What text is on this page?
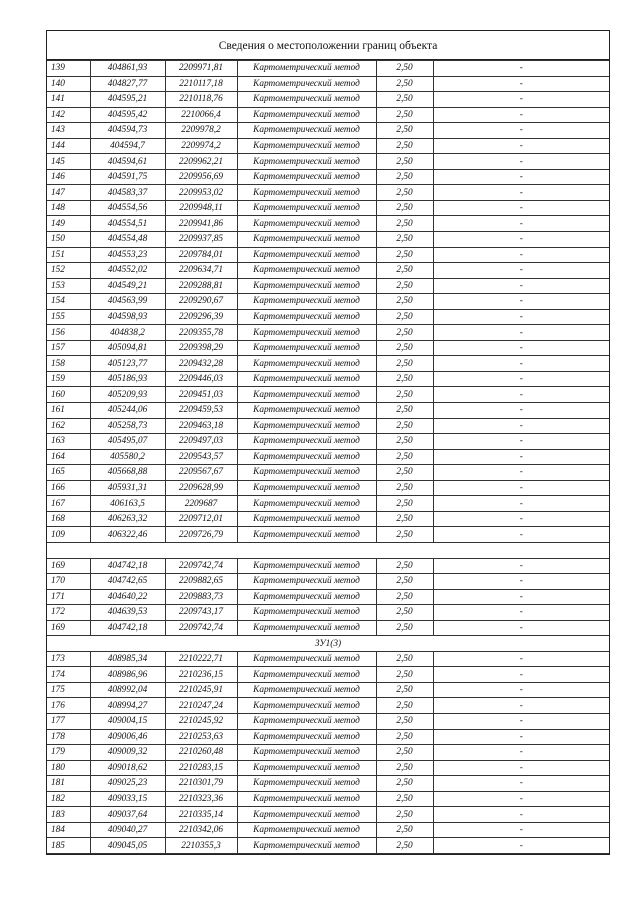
Сведения о местоположении границ объекта
139	404861,93	2209971,81	Картометрический метод	2,50	-
140	404827,77	2210117,18	Картометрический метод	2,50	-
141	404595,21	2210118,76	Картометрический метод	2,50	-
142	404595,42	2210066,4	Картометрический метод	2,50	-
143	404594,73	2209978,2	Картометрический метод	2,50	-
144	404594,7	2209974,2	Картометрический метод	2,50	-
145	404594,61	2209962,21	Картометрический метод	2,50	-
146	404591,75	2209956,69	Картометрический метод	2,50	-
147	404583,37	2209953,02	Картометрический метод	2,50	-
148	404554,56	2209948,11	Картометрический метод	2,50	-
149	404554,51	2209941,86	Картометрический метод	2,50	-
150	404554,48	2209937,85	Картометрический метод	2,50	-
151	404553,23	2209784,01	Картометрический метод	2,50	-
152	404552,02	2209634,71	Картометрический метод	2,50	-
153	404549,21	2209288,81	Картометрический метод	2,50	-
154	404563,99	2209290,67	Картометрический метод	2,50	-
155	404598,93	2209296,39	Картометрический метод	2,50	-
156	404838,2	2209355,78	Картометрический метод	2,50	-
157	405094,81	2209398,29	Картометрический метод	2,50	-
158	405123,77	2209432,28	Картометрический метод	2,50	-
159	405186,93	2209446,03	Картометрический метод	2,50	-
160	405209,93	2209451,03	Картометрический метод	2,50	-
161	405244,06	2209459,53	Картометрический метод	2,50	-
162	405258,73	2209463,18	Картометрический метод	2,50	-
163	405495,07	2209497,03	Картометрический метод	2,50	-
164	405580,2	2209543,57	Картометрический метод	2,50	-
165	405668,88	2209567,67	Картометрический метод	2,50	-
166	405931,31	2209628,99	Картометрический метод	2,50	-
167	406163,5	2209687	Картометрический метод	2,50	-
168	406263,32	2209712,01	Картометрический метод	2,50	-
109	406322,46	2209726,79	Картометрический метод	2,50	-

169	404742,18	2209742,74	Картометрический метод	2,50	-
170	404742,65	2209882,65	Картометрический метод	2,50	-
171	404640,22	2209883,73	Картометрический метод	2,50	-
172	404639,53	2209743,17	Картометрический метод	2,50	-
169	404742,18	2209742,74	Картометрический метод	2,50	-
ЗУ1(3)					
173	408985,34	2210222,71	Картометрический метод	2,50	-
174	408986,96	2210236,15	Картометрический метод	2,50	-
175	408992,04	2210245,91	Картометрический метод	2,50	-
176	408994,27	2210247,24	Картометрический метод	2,50	-
177	409004,15	2210245,92	Картометрический метод	2,50	-
178	409006,46	2210253,63	Картометрический метод	2,50	-
179	409009,32	2210260,48	Картометрический метод	2,50	-
180	409018,62	2210283,15	Картометрический метод	2,50	-
181	409025,23	2210301,79	Картометрический метод	2,50	-
182	409033,15	2210323,36	Картометрический метод	2,50	-
183	409037,64	2210335,14	Картометрический метод	2,50	-
184	409040,27	2210342,06	Картометрический метод	2,50	-
185	409045,05	2210355,3	Картометрический метод	2,50	-
